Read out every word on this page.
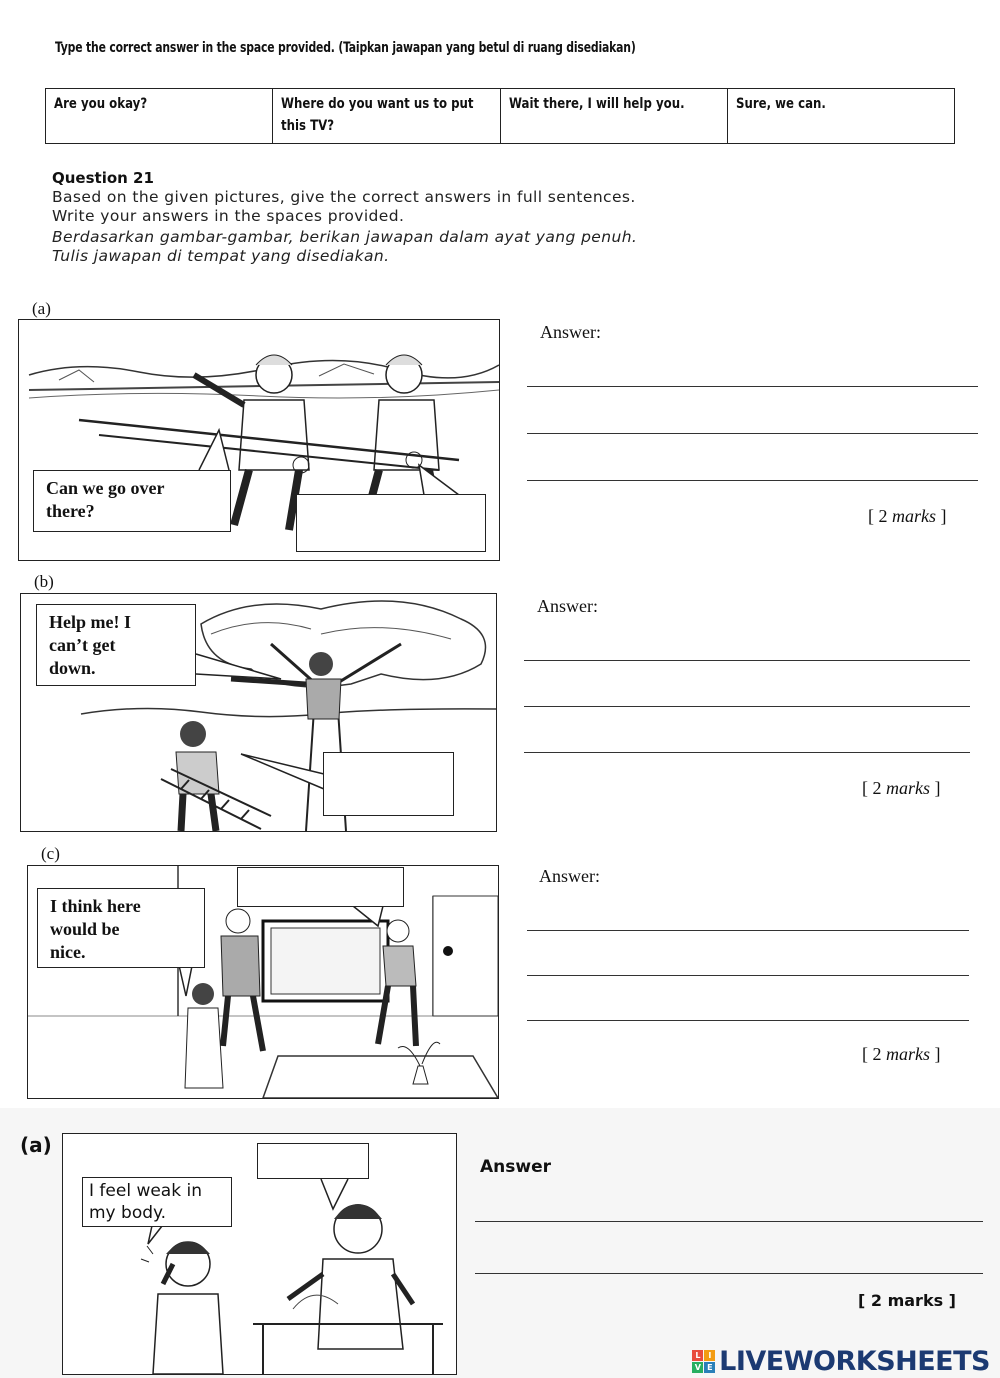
Type the correct answer in the space provided. (Taipkan jawapan yang betul di ruang disediakan)
Are you okay?	Where do you want us to put this TV?	Wait there, I will help you.	Sure, we can.
Question 21
Based on the given pictures, give the correct answers in full sentences.
Write your answers in the spaces provided.
Berdasarkan gambar-gambar, berikan jawapan dalam ayat yang penuh.
Tulis jawapan di tempat yang disediakan.
(a)
Can we go over
there?
Answer:
[ 2 marks ]
(b)
Help me! I
can’t get
down.
Answer:
[ 2 marks ]
(c)
I think here
would be
nice.
Answer:
[ 2 marks ]
(a)
I feel weak in
my body.
Answer
[ 2 marks ]
L	I
V E LIVEWORKSHEETS
